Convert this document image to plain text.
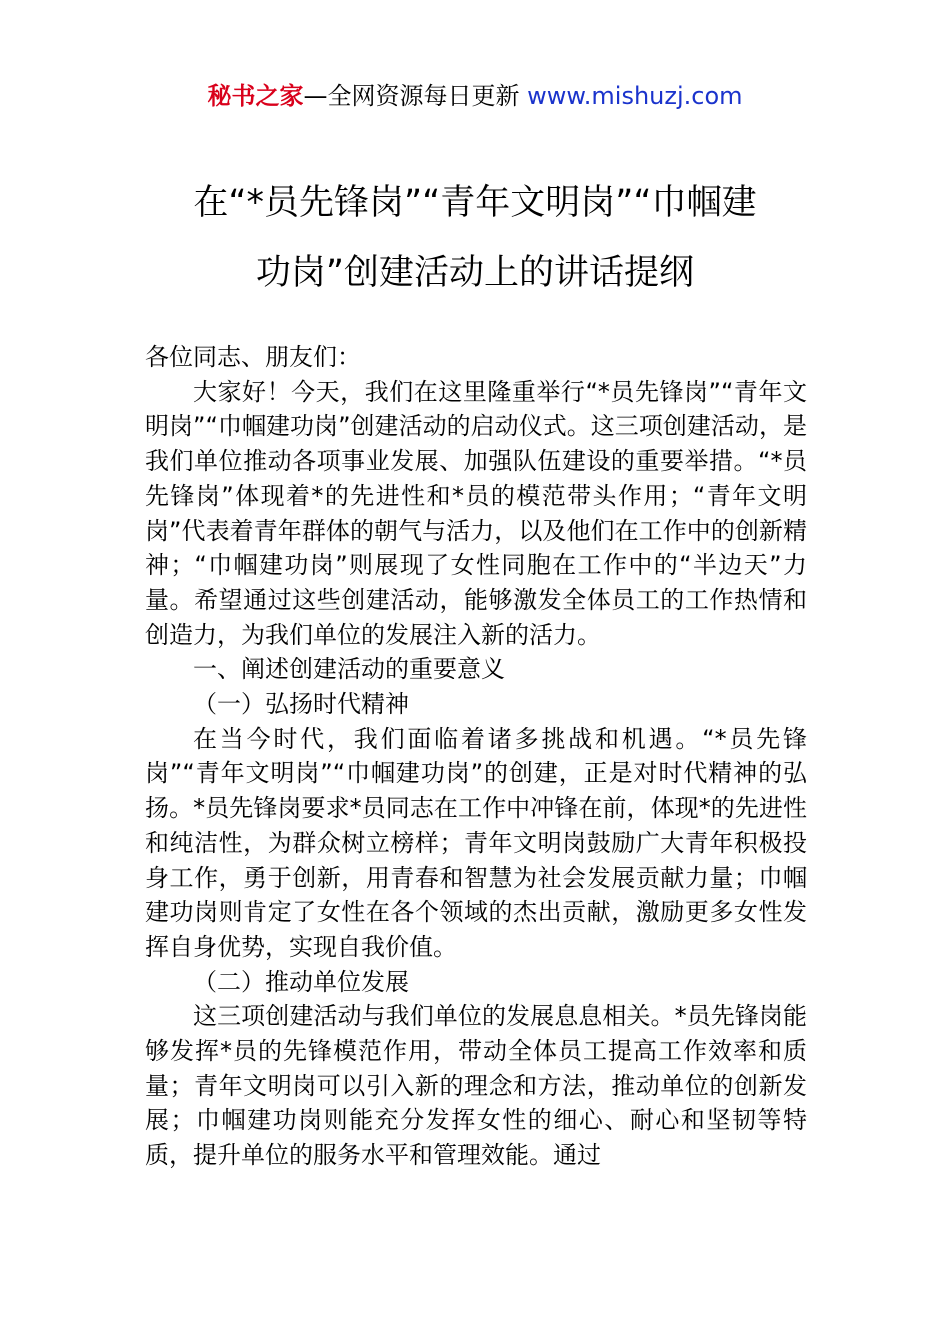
秘书之家—全网资源每日更新 www.mishuzj.com
在“*员先锋岗”“青年文明岗”“巾帼建
功岗”创建活动上的讲话提纲

各位同志、朋友们：

大家好！今天，我们在这里隆重举行“*员先锋岗”“青年文明岗”“巾帼建功岗”创建活动的启动仪式。这三项创建活动，是我们单位推动各项事业发展、加强队伍建设的重要举措。“*员先锋岗”体现着*的先进性和*员的模范带头作用；“青年文明岗”代表着青年群体的朝气与活力，以及他们在工作中的创新精神；“巾帼建功岗”则展现了女性同胞在工作中的“半边天”力量。希望通过这些创建活动，能够激发全体员工的工作热情和创造力，为我们单位的发展注入新的活力。

一、阐述创建活动的重要意义

（一）弘扬时代精神

在当今时代，我们面临着诸多挑战和机遇。“*员先锋岗”“青年文明岗”“巾帼建功岗”的创建，正是对时代精神的弘扬。*员先锋岗要求*员同志在工作中冲锋在前，体现*的先进性和纯洁性，为群众树立榜样；青年文明岗鼓励广大青年积极投身工作，勇于创新，用青春和智慧为社会发展贡献力量；巾帼建功岗则肯定了女性在各个领域的杰出贡献，激励更多女性发挥自身优势，实现自我价值。

（二）推动单位发展

这三项创建活动与我们单位的发展息息相关。*员先锋岗能够发挥*员的先锋模范作用，带动全体员工提高工作效率和质量；青年文明岗可以引入新的理念和方法，推动单位的创新发展；巾帼建功岗则能充分发挥女性的细心、耐心和坚韧等特质，提升单位的服务水平和管理效能。通过
